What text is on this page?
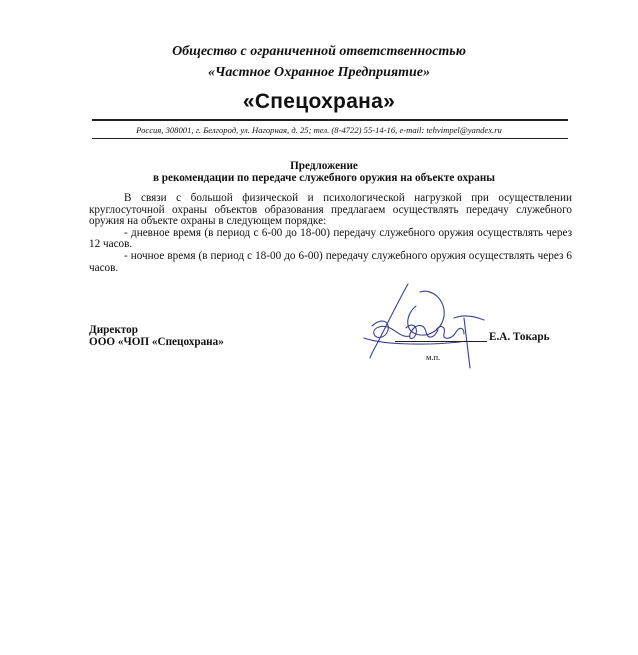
Общество с ограниченной ответственностью
«Частное Охранное Предприятие»
«Спецохрана»
Россия, 308001, г. Белгород, ул. Нагорная, д. 25; тел. (8-4722) 55-14-16, e-mail: tehvimpel@yandex.ru
Предложение
в рекомендации по передаче служебного оружия на объекте охраны

В связи с большой физической и психологической нагрузкой при осуществлении круглосуточной охраны объектов образования предлагаем осуществлять передачу служебного оружия на объекте охраны в следующем порядке:

- дневное время (в период с 6-00 до 18-00) передачу служебного оружия осуществлять через 12 часов.

- ночное время (в период с 18-00 до 6-00) передачу служебного оружия осуществлять через 6 часов.

Директор
ООО «ЧОП «Спецохрана»	Е.А. Токарь
м.п.
